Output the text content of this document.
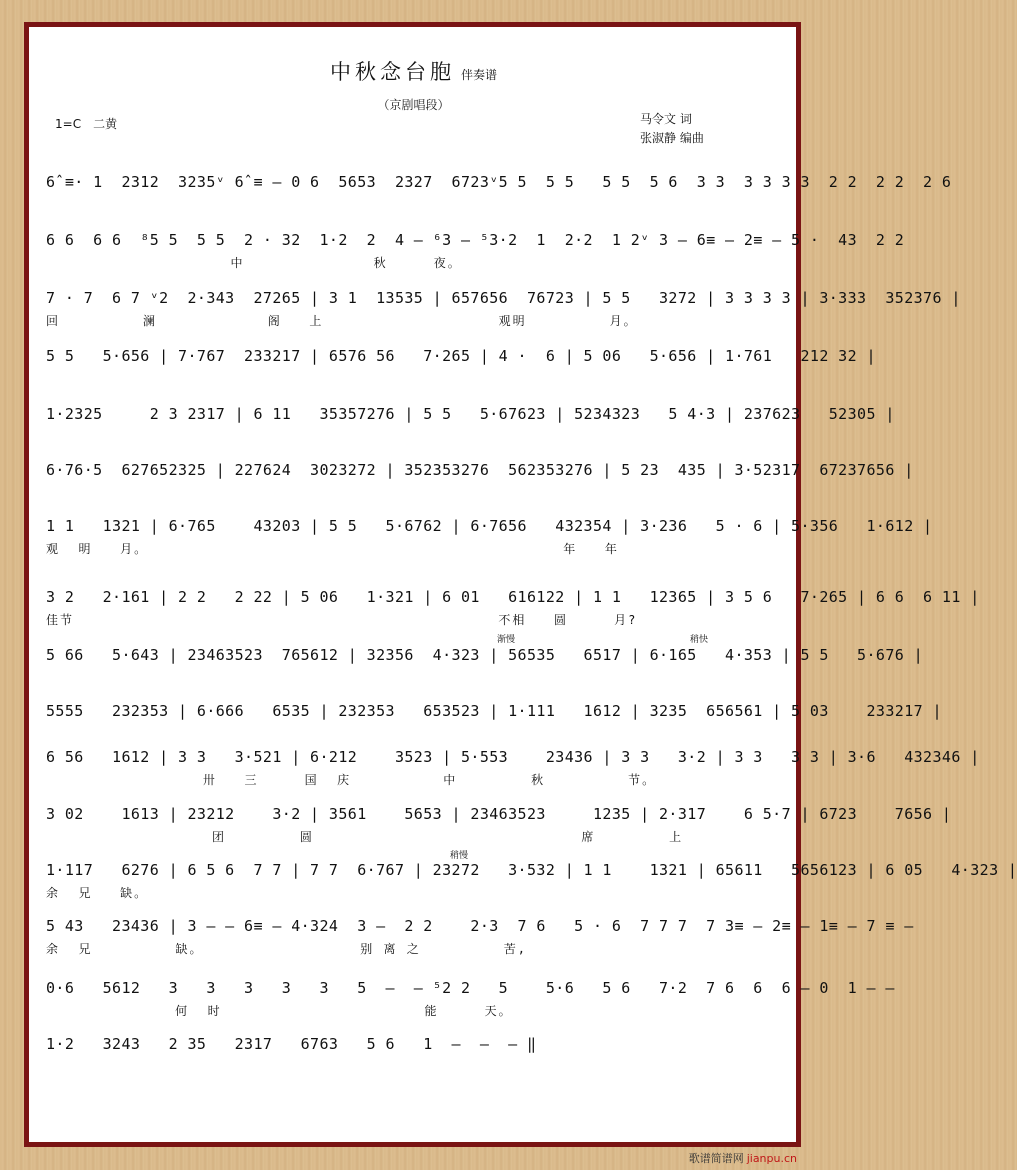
中秋念台胞 伴奏谱
（京剧唱段）
1=C　二黄	马令文 词
张淑静 编曲
6̂ ≡· 1  2312  3235ᵛ 6̂ ≡ – 0 6  5653  2327  6723ᵛ5 5  5 5   5 5  5 6  3 3  3 3 3 3  2 2  2 2  2 6
6 6  6 6  ⁸5 5  5 5  2 · 32  1·2  2  4 – ⁶3 – ⁵3·2  1  2·2  1 2ᵛ 3 – 6≡ – 2≡ – 5 ·  43  2 2
中              秋     夜。
7 · 7  6 7 ᵛ2  2·343  27265 | 3 1  13535 | 657656  76723 | 5 5   3272 | 3 3 3 3 | 3·333  352376 |
回         澜            阁   上                   观明         月。
5 5   5·656 | 7·767  233217 | 6576 56   7·265 | 4 ·  6 | 5 06   5·656 | 1·761   212 32 |
1·2325     2 3 2317 | 6 11   35357276 | 5 5   5·67623 | 5234323   5 4·3 | 237623   52305 |
6·76·5  627652325 | 227624  3023272 | 352353276  562353276 | 5 23  435 | 3·52317  67237656 |
1 1   1321 | 6·765    43203 | 5 5   5·6762 | 6·7656   432354 | 3·236   5 · 6 | 5·356   1·612 |
观  明   月。                                             年   年
3 2   2·161 | 2 2   2 22 | 5 06   1·321 | 6 01   616122 | 1 1   12365 | 3 5 6   7·265 | 6 6  6 11 |
佳节                                              不相   圆     月?
5 66   5·643 | 23463523  765612 | 32356  4·323 | 56535   6517 | 6·165   4·353 | 5 5   5·676 |
5555   232353 | 6·666   6535 | 232353   653523 | 1·111   1612 | 3235  656561 | 5 03    233217 |
6 56   1612 | 3 3   3·521 | 6·212    3523 | 5·553    23436 | 3 3   3·2 | 3 3   3 3 | 3·6   432346 |
卅   三     国  庆          中        秋         节。
3 02    1613 | 23212    3·2 | 3561    5653 | 23463523     1235 | 2·317    6 5·7 | 6723    7656 |
团        圆                             席        上
1·117   6276 | 6 5 6  7 7 | 7 7  6·767 | 23272   3·532 | 1 1    1321 | 65611   5656123 | 6 05   4·323 |
余  兄   缺。
5 43   23436 | 3 – – 6≡ – 4·324  3 –  2 2    2·3  7 6   5 · 6  7 7 7  7 3≡ – 2≡ – 1≡ – 7 ≡ –
余  兄         缺。                 别 离 之         苦,
0·6   5612   3   3   3   3   3   5  –  – ⁵2 2   5    5·6   5 6   7·2  7 6  6  6 – 0  1 – –
何  时                      能     天。
1·2   3243   2 35   2317   6763   5 6   1  –  –  – ‖
渐慢	稍快
稍慢
歌谱简谱网 jianpu.cn
